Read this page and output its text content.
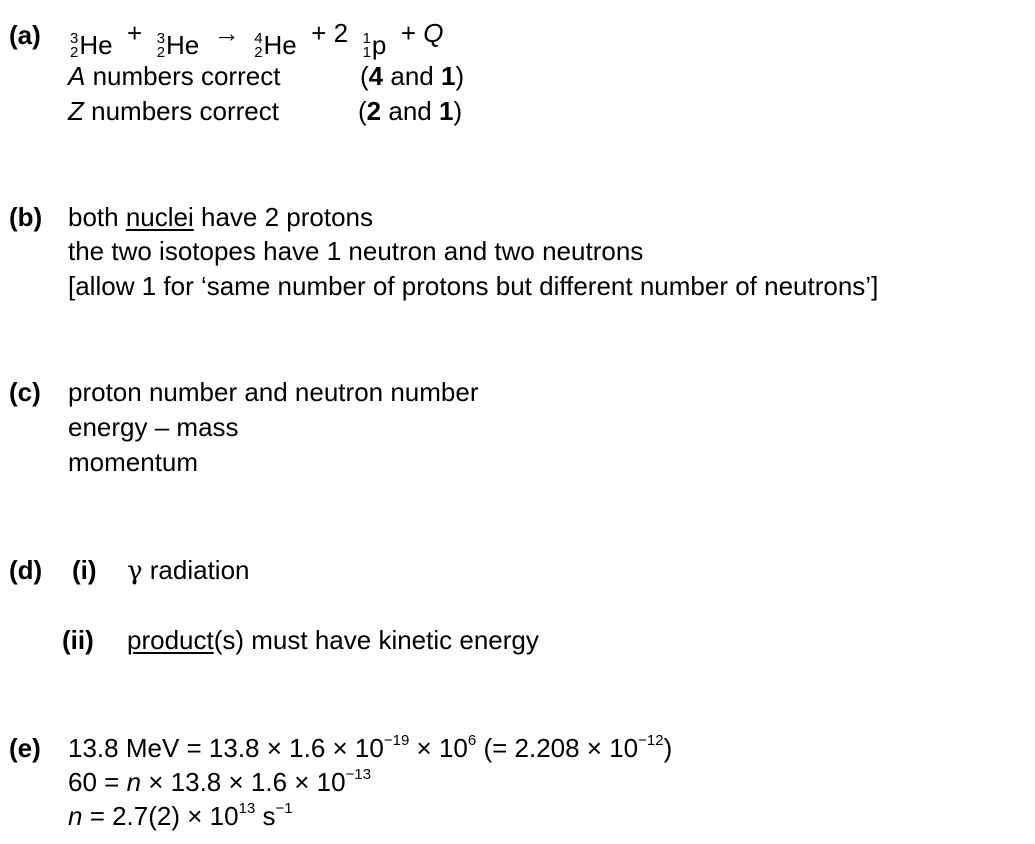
(a) 3
2 He + 3
2 He → 4
2 He + 2 1
1 p + Q
A numbers correct	(4 and 1)
Z numbers correct	(2 and 1)
(b) both nuclei have 2 protons
the two isotopes have 1 neutron and two neutrons
[allow 1 for ‘same number of protons but different number of neutrons’]
(c) proton number and neutron number
energy – mass
momentum
(d) (i) γ radiation
(ii) product(s) must have kinetic energy
(e) 13.8 MeV = $13.8 \times 1.6 \times 10^{-19} \times 10^6$ (= $2.208 \times 10^{-12}$)
$60 = n \times 13.8 \times 1.6 \times 10^{-13}$
$n = 2.7(2) \times 10^{13}$ $s^{-1}$
